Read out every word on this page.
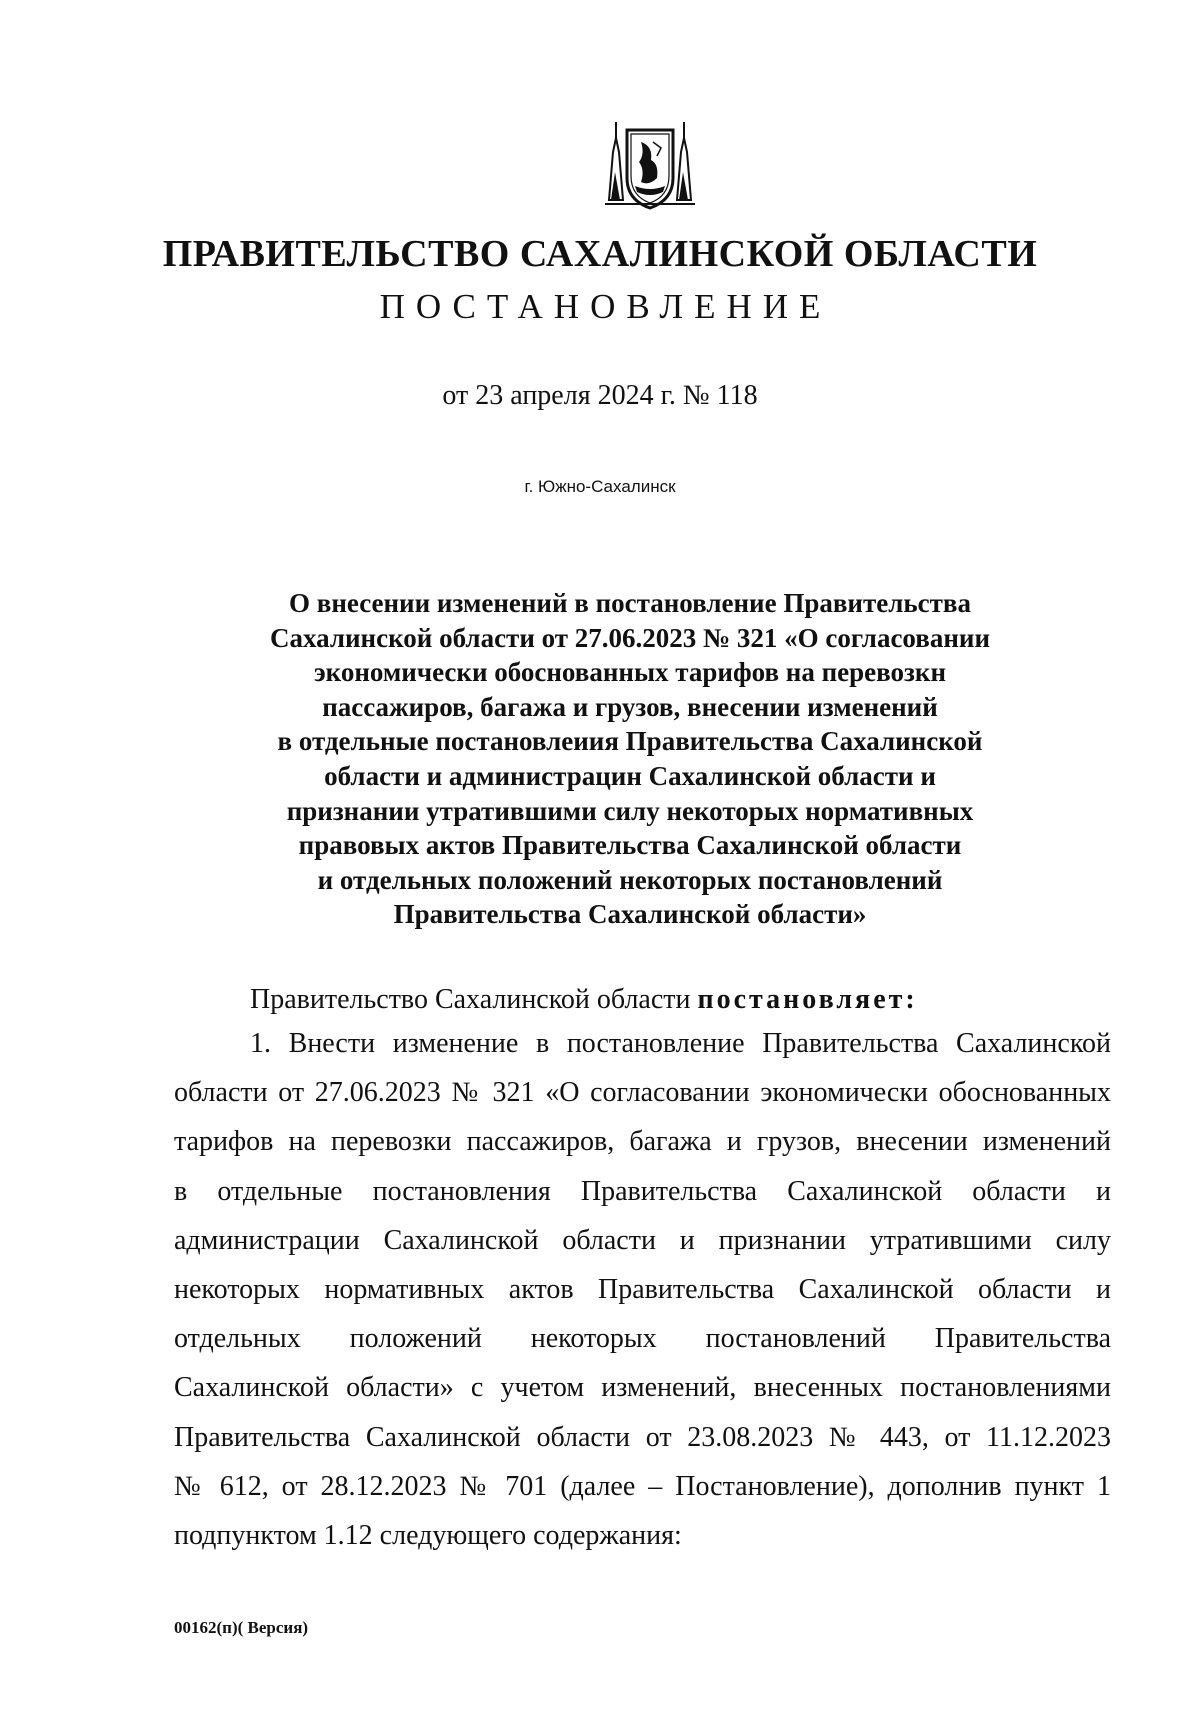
ПРАВИТЕЛЬСТВО САХАЛИНСКОЙ ОБЛАСТИ
ПОСТАНОВЛЕНИЕ
от 23 апреля 2024 г. № 118
г. Южно-Сахалинск
О внесении изменений в постановление Правительства
Сахалинской области от 27.06.2023 № 321 «О согласовании
экономически обоснованных тарифов на перевозкн
пассажиров, багажа и грузов, внесении изменений
в отдельные постановлеиия Правительства Сахалинской
области и администрацин Сахалинской области и
признании утратившими силу некоторых нормативных
правовых актов Правительства Сахалинской области
и отдельных положений некоторых постановлений
Правительства Сахалинской области»
Правительство Сахалинской области постановляет:
1. Внести изменение в постановление Правительства Сахалинской
области от 27.06.2023 № 321 «О согласовании экономически обоснованных
тарифов на перевозки пассажиров, багажа и грузов, внесении изменений
в отдельные постановления Правительства Сахалинской области и
администрации Сахалинской области и признании утратившими силу
некоторых нормативных актов Правительства Сахалинской области и
отдельных положений некоторых постановлений Правительства
Сахалинской области» с учетом изменений, внесенных постановлениями
Правительства Сахалинской области от 23.08.2023 № 443, от 11.12.2023
№ 612, от 28.12.2023 № 701 (далее – Постановление), дополнив пункт 1
подпунктом 1.12 следующего содержания:
00162(п)( Версия)
